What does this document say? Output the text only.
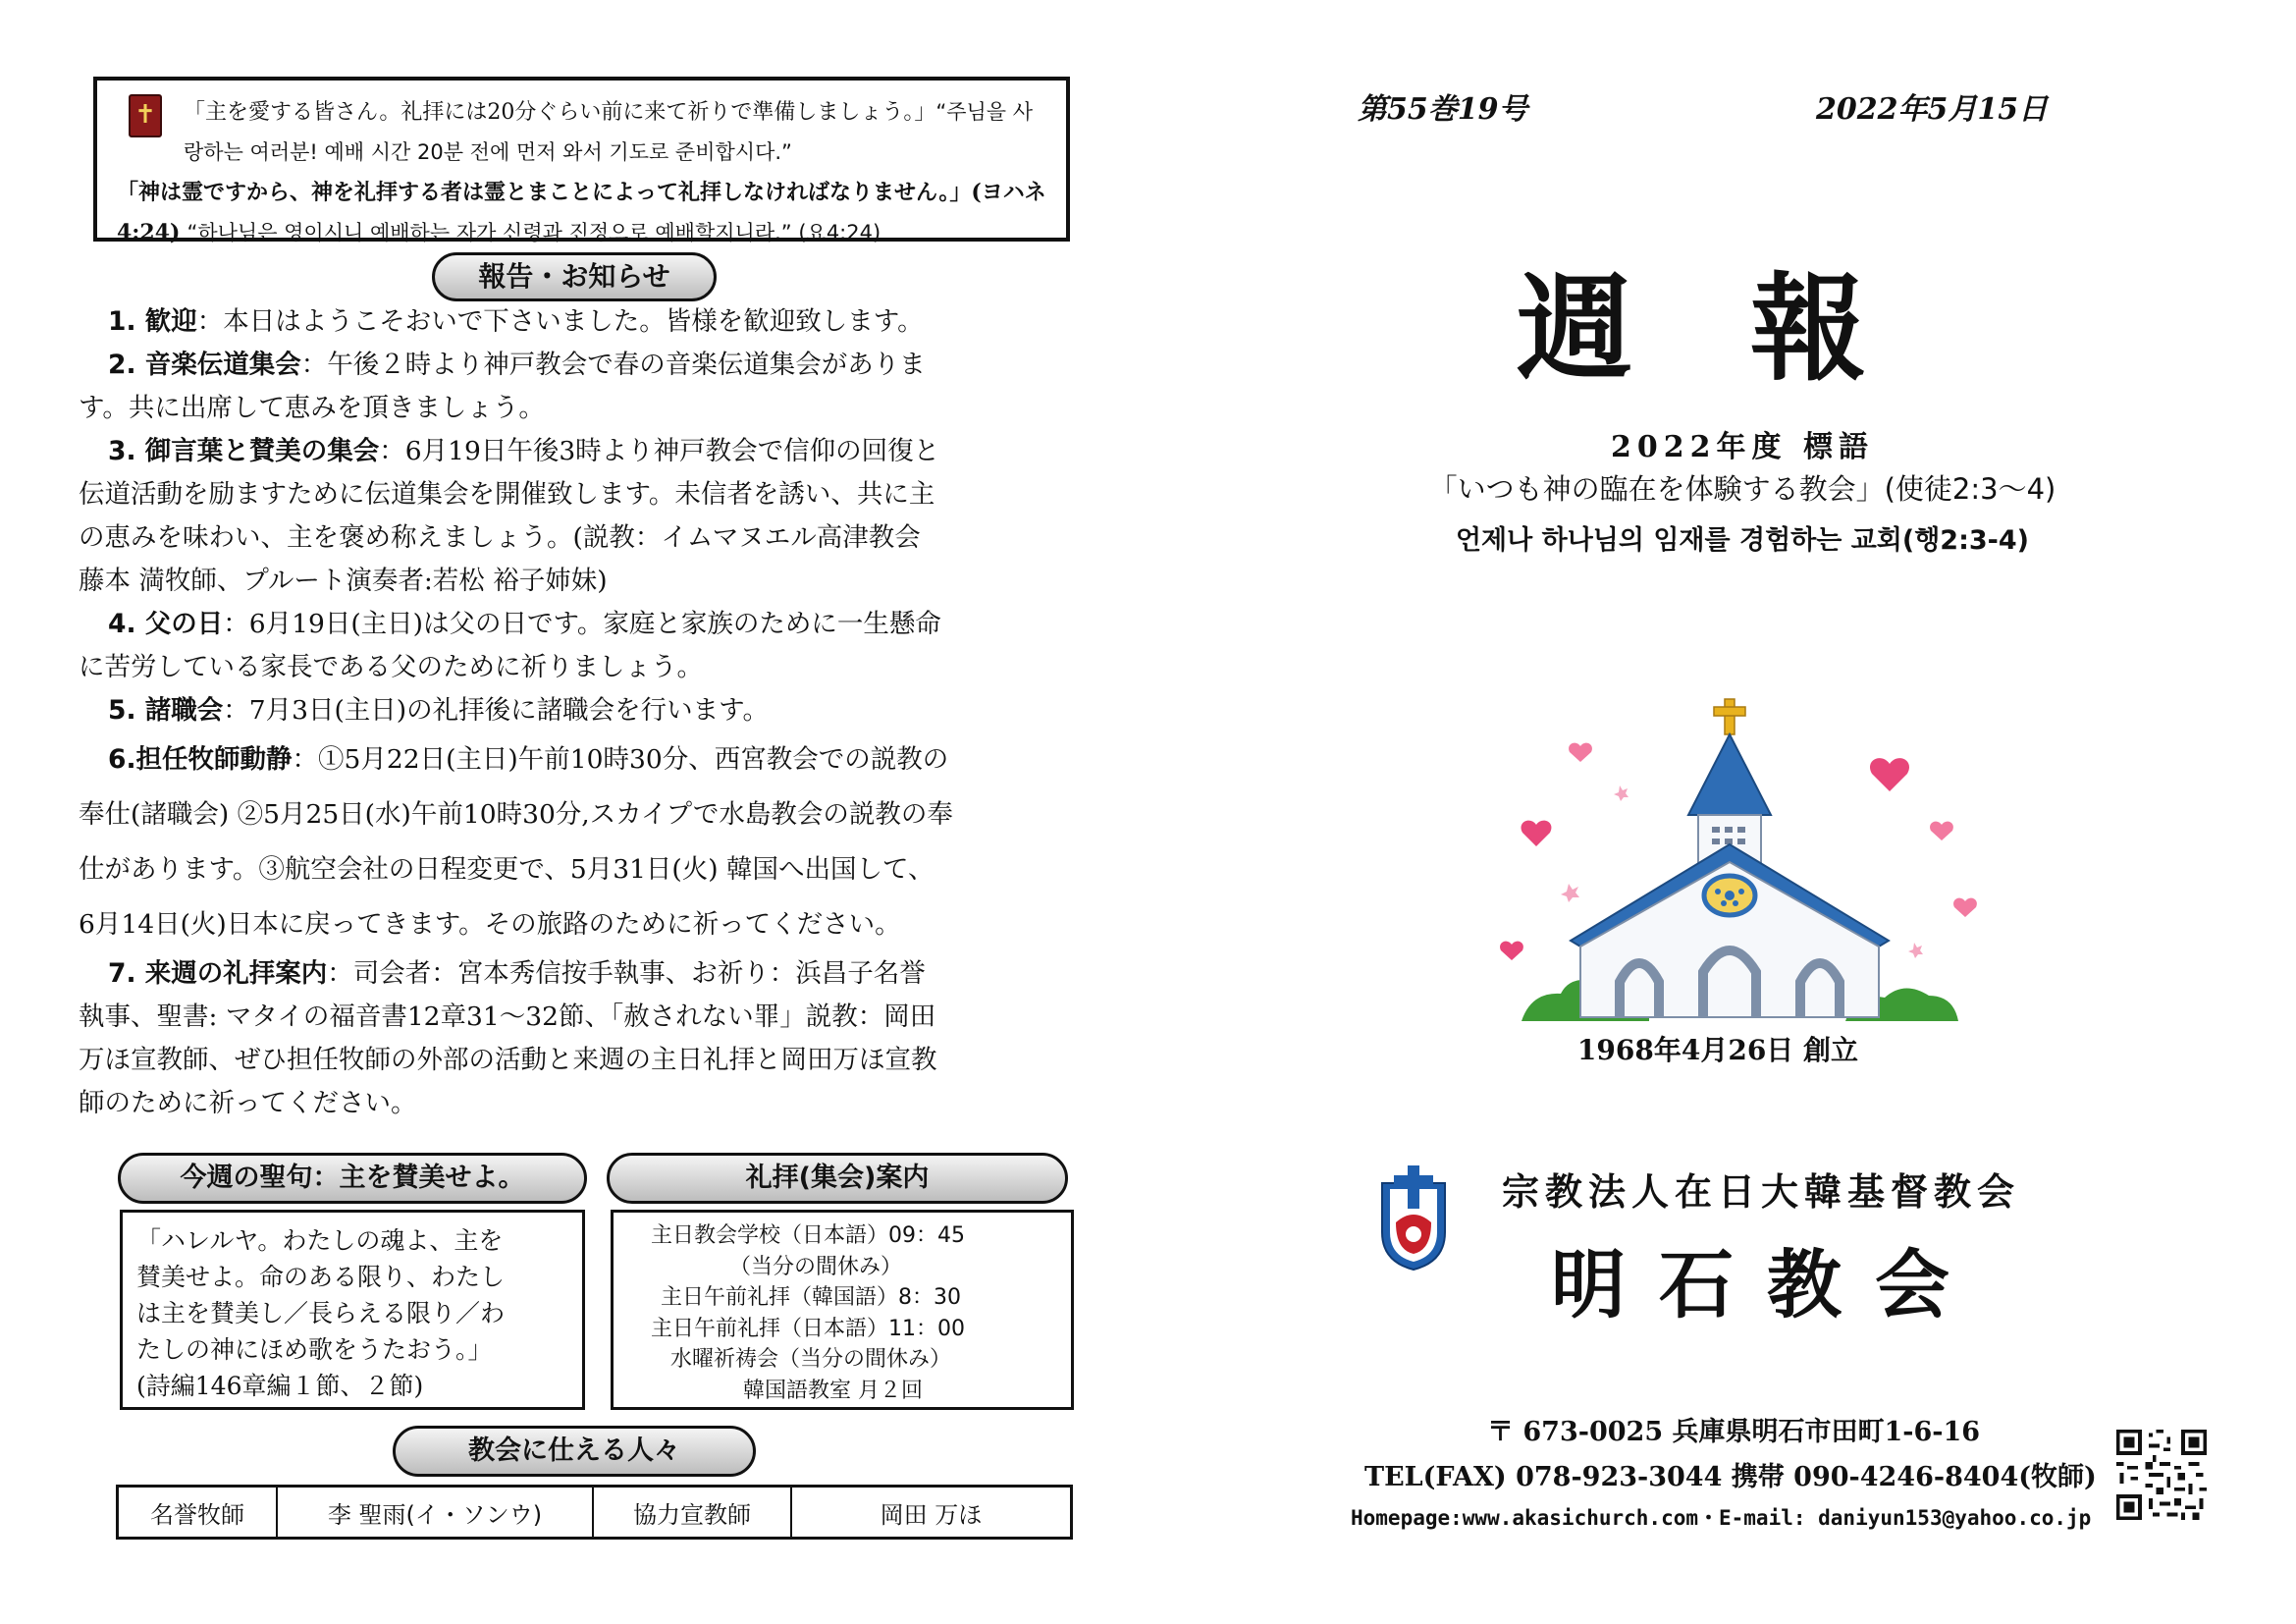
✝ 「主を愛する皆さん。礼拝には20分ぐらい前に来て祈りで準備しましょう。」“주님을 사
랑하는 여러분! 예배 시간 20분 전에 먼저 와서 기도로 준비합시다.”
「神は霊ですから、神を礼拝する者は霊とまことによって礼拝しなければなりません。」(ヨハネ
4:24) “하나님은 영이시니 예배하는 자가 신령과 진정으로 예배할지니라.” (요4:24)
報告・お知らせ
1. 歓迎：本日はようこそおいで下さいました。皆様を歓迎致します。
2. 音楽伝道集会：午後２時より神戸教会で春の音楽伝道集会がありま
す。共に出席して恵みを頂きましょう。
3. 御言葉と賛美の集会：6月19日午後3時より神戸教会で信仰の回復と
伝道活動を励ますために伝道集会を開催致します。未信者を誘い、共に主
の恵みを味わい、主を褒め称えましょう。(説教：イムマヌエル高津教会
藤本 満牧師、プルート演奏者:若松 裕子姉妹)
4. 父の日：6月19日(主日)は父の日です。家庭と家族のために一生懸命
に苦労している家長である父のために祈りましょう。
5. 諸職会：7月3日(主日)の礼拝後に諸職会を行います。
6.担任牧師動静：①5月22日(主日)午前10時30分、西宮教会での説教の
奉仕(諸職会) ②5月25日(水)午前10時30分,スカイプで水島教会の説教の奉
仕があります。③航空会社の日程変更で、5月31日(火) 韓国へ出国して、
6月14日(火)日本に戻ってきます。その旅路のために祈ってください。
7. 来週の礼拝案内：司会者：宮本秀信按手執事、お祈り：浜昌子名誉
執事、聖書: マタイの福音書12章31～32節、「赦されない罪」説教：岡田
万ほ宣教師、ぜひ担任牧師の外部の活動と来週の主日礼拝と岡田万ほ宣教
師のために祈ってください。
今週の聖句：主を賛美せよ。	礼拝(集会)案内
「ハレルヤ。わたしの魂よ、主を
賛美せよ。命のある限り、わたし
は主を賛美し／長らえる限り／わ
たしの神にほめ歌をうたおう。」
(詩編146章編１節、２節)
主日教会学校（日本語）09：45
（当分の間休み）
主日午前礼拝（韓国語）8：30
主日午前礼拝（日本語）11：00
水曜祈祷会（当分の間休み）
韓国語教室 月２回
教会に仕える人々
名誉牧師	李 聖雨(イ・ソンウ)	協力宣教師	岡田 万ほ
第55巻19号	2022年5月15日
週報
2022年度 標語
「いつも神の臨在を体験する教会」(使徒2:3～4)
언제나 하나님의 임재를 경험하는 교회(행2:3-4)
1968年4月26日 創立
宗教法人在日大韓基督教会
明石教会
〒 673-0025 兵庫県明石市田町1-6-16
TEL(FAX) 078-923-3044 携帯 090-4246-8404(牧師)
Homepage:www.akasichurch.com・E-mail: daniyun153@yahoo.co.jp
